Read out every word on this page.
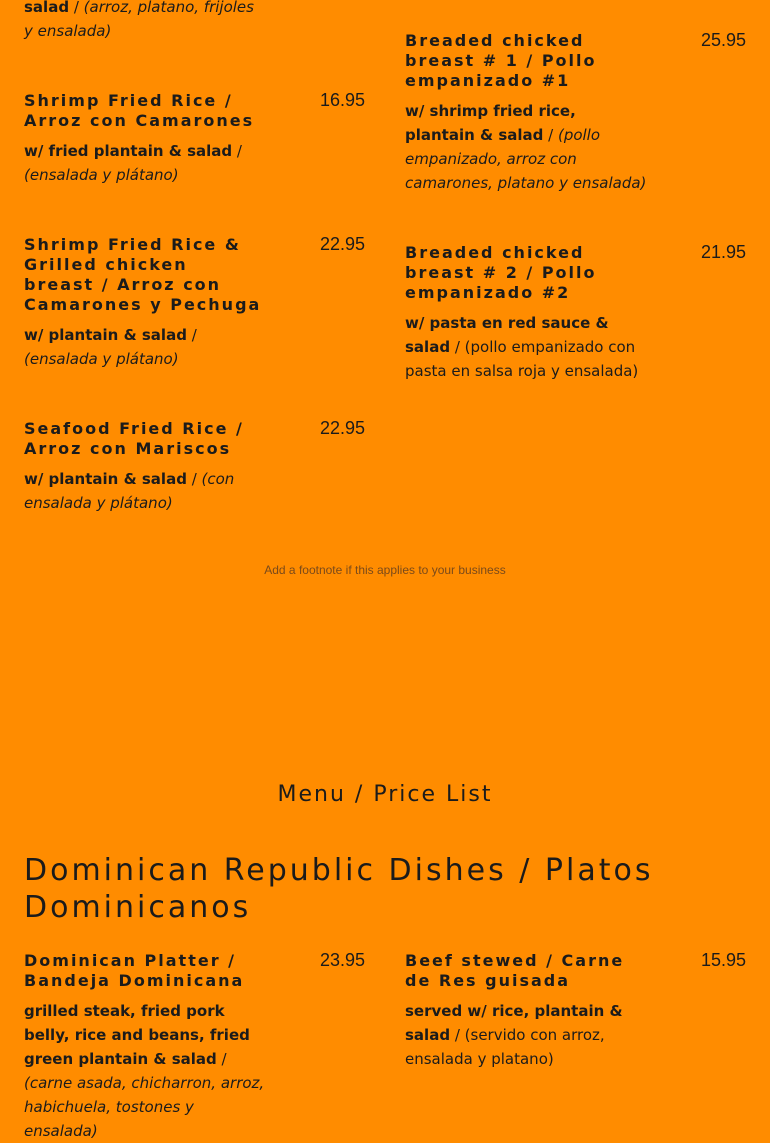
salad / (arroz, platano, frijoles y ensalada)

Shrimp Fried Rice / Arroz con Camarones

16.95

w/ fried plantain & salad / (ensalada y plátano)

Shrimp Fried Rice & Grilled chicken breast / Arroz con Camarones y Pechuga

22.95

w/ plantain & salad / (ensalada y plátano)

Seafood Fried Rice / Arroz con Mariscos

22.95

w/ plantain & salad / (con ensalada y plátano)

Breaded chicked breast # 1 / Pollo empanizado #1

25.95

w/ shrimp fried rice, plantain & salad / (pollo empanizado, arroz con camarones, platano y ensalada)

Breaded chicked breast # 2 / Pollo empanizado #2

21.95

w/ pasta en red sauce & salad / (pollo empanizado con pasta en salsa roja y ensalada)

Add a footnote if this applies to your business
Menu / Price List
Dominican Republic Dishes / Platos Dominicanos

Dominican Platter / Bandeja Dominicana

23.95

grilled steak, fried pork belly, rice and beans, fried green plantain & salad / (carne asada, chicharron, arroz, habichuela, tostones y ensalada)

Beef stewed / Carne de Res guisada

15.95

served w/ rice, plantain & salad / (servido con arroz, ensalada y platano)
